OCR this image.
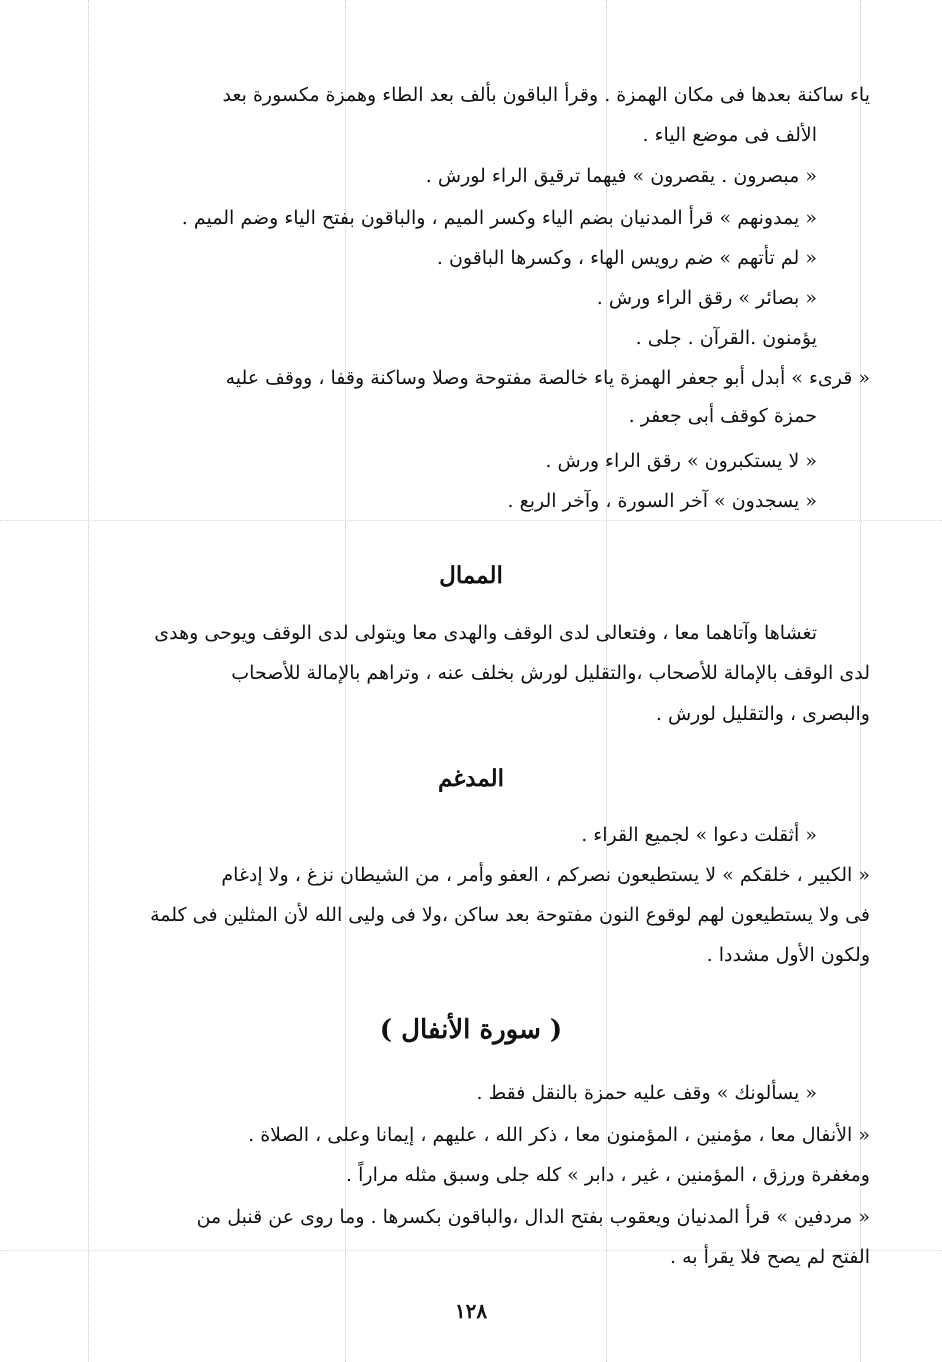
ياء ساكنة بعدها فى مكان الهمزة . وقرأ الباقون بألف بعد الطاء وهمزة مكسورة بعد
الألف فى موضع الياء .
« مبصرون . يقصرون » فيهما ترقيق الراء لورش .
« يمدونهم » قرأ المدنيان بضم الياء وكسر الميم ، والباقون بفتح الياء وضم الميم .
« لم تأتهم » ضم رويس الهاء ، وكسرها الباقون .
« بصائر » رقق الراء ورش .
يؤمنون .القرآن . جلى .
« قرىء » أبدل أبو جعفر الهمزة ياء خالصة مفتوحة وصلا وساكنة وقفا ، ووقف عليه
حمزة كوقف أبى جعفر .
« لا يستكبرون » رقق الراء ورش .
« يسجدون » آخر السورة ، وآخر الربع .
الممال
تغشاها وآتاهما معا ، وفتعالى لدى الوقف والهدى معا ويتولى لدى الوقف ويوحى وهدى
لدى الوقف بالإمالة للأصحاب ،والتقليل لورش بخلف عنه ، وتراهم بالإمالة للأصحاب
والبصرى ، والتقليل لورش .
المدغم
« أثقلت دعوا » لجميع القراء .
« الكبير ، خلقكم » لا يستطيعون نصركم ، العفو وأمر ، من الشيطان نزغ ، ولا إدغام
فى ولا يستطيعون لهم لوقوع النون مفتوحة بعد ساكن ،ولا فى وليى الله لأن المثلين فى كلمة
ولكون الأول مشددا .
( سورة الأنفال )
« يسألونك » وقف عليه حمزة بالنقل فقط .
« الأنفال معا ، مؤمنين ، المؤمنون معا ، ذكر الله ، عليهم ، إيمانا وعلى ، الصلاة .
ومغفرة ورزق ، المؤمنين ، غير ، دابر » كله جلى وسبق مثله مراراً .
« مردفين » قرأ المدنيان ويعقوب بفتح الدال ،والباقون بكسرها . وما روى عن قنبل من
الفتح لم يصح فلا يقرأ به .
١٢٨
